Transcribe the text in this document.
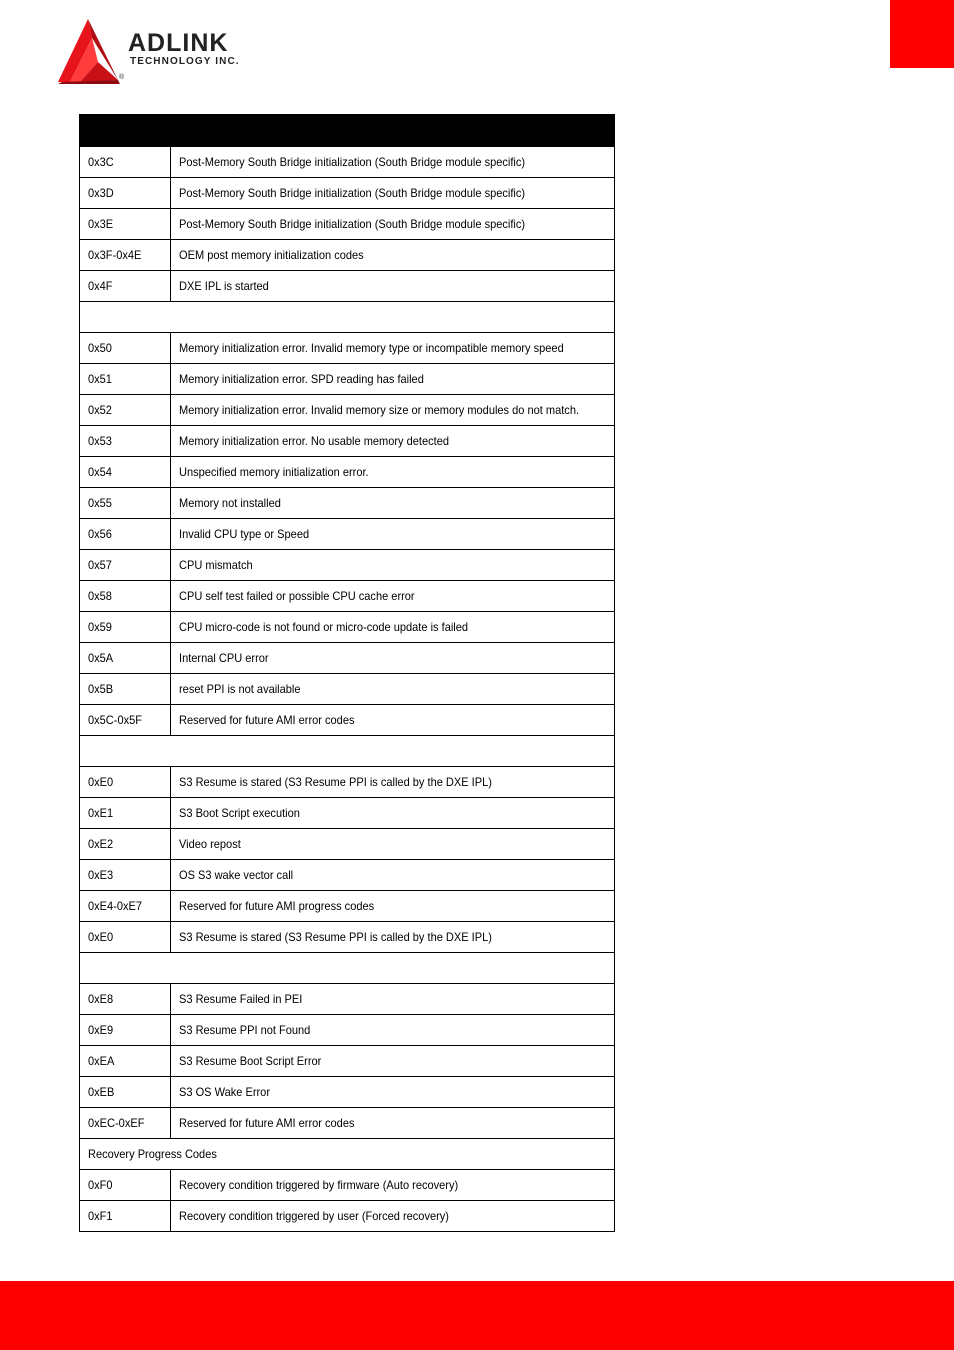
ADLINK
TECHNOLOGY INC.
®

0x3C	Post-Memory South Bridge initialization (South Bridge module specific)
0x3D	Post-Memory South Bridge initialization (South Bridge module specific)
0x3E	Post-Memory South Bridge initialization (South Bridge module specific)
0x3F-0x4E	OEM post memory initialization codes
0x4F	DXE IPL is started

0x50	Memory initialization error. Invalid memory type or incompatible memory speed
0x51	Memory initialization error. SPD reading has failed
0x52	Memory initialization error. Invalid memory size or memory modules do not match.
0x53	Memory initialization error. No usable memory detected
0x54	Unspecified memory initialization error.
0x55	Memory not installed
0x56	Invalid CPU type or Speed
0x57	CPU mismatch
0x58	CPU self test failed or possible CPU cache error
0x59	CPU micro-code is not found or micro-code update is failed
0x5A	Internal CPU error
0x5B	reset PPI is not available
0x5C-0x5F	Reserved for future AMI error codes

0xE0	S3 Resume is stared (S3 Resume PPI is called by the DXE IPL)
0xE1	S3 Boot Script execution
0xE2	Video repost
0xE3	OS S3 wake vector call
0xE4-0xE7	Reserved for future AMI progress codes
0xE0	S3 Resume is stared (S3 Resume PPI is called by the DXE IPL)

0xE8	S3 Resume Failed in PEI
0xE9	S3 Resume PPI not Found
0xEA	S3 Resume Boot Script Error
0xEB	S3 OS Wake Error
0xEC-0xEF	Reserved for future AMI error codes
Recovery Progress Codes	
0xF0	Recovery condition triggered by firmware (Auto recovery)
0xF1	Recovery condition triggered by user (Forced recovery)
